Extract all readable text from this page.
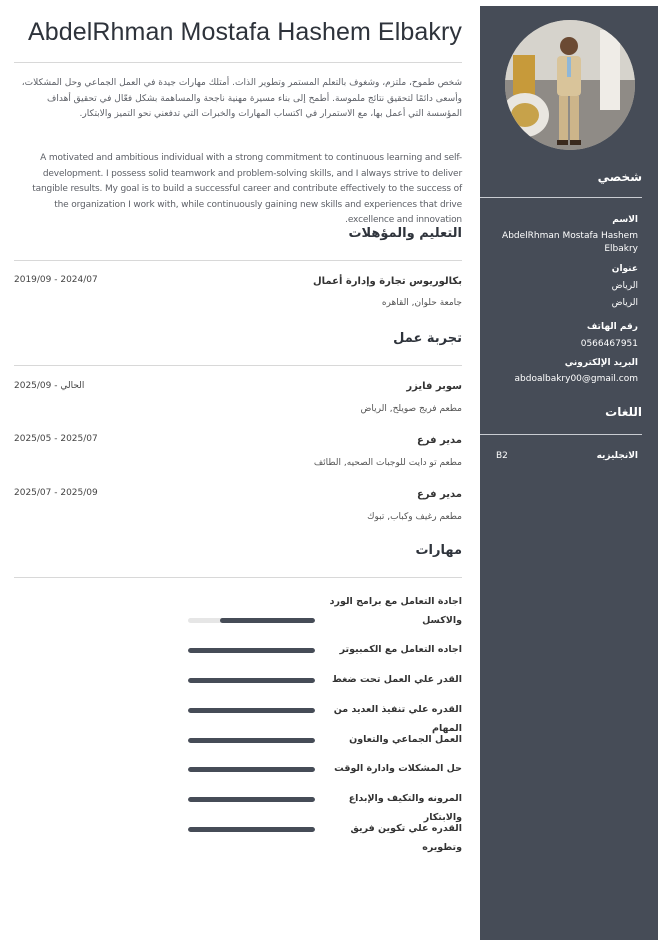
AbdelRhman Mostafa Hashem Elbakry

شخص طموح، ملتزم، وشغوف بالتعلم المستمر وتطوير الذات. أمتلك مهارات جيدة في العمل الجماعي وحل المشكلات، وأسعى دائمًا لتحقيق نتائج ملموسة. أطمح إلى بناء مسيرة مهنية ناجحة والمساهمة بشكل فعّال في تحقيق أهداف المؤسسة التي أعمل بها، مع الاستمرار في اكتساب المهارات والخبرات التي تدفعني نحو التميز والابتكار.

A motivated and ambitious individual with a strong commitment to continuous learning and self-development. I possess solid teamwork and problem-solving skills, and I always strive to deliver tangible results. My goal is to build a successful career and contribute effectively to the success of the organization I work with, while continuously gaining new skills and experiences that drive excellence and innovation.

التعليم والمؤهلات
بكالوريوس تجارة وإدارة أعمال
2019/09 - 2024/07
جامعة حلوان, القاهره
تجربة عمل
سوبر فايزر
2025/09 - الحالي
مطعم فريج صويلح, الرياض
مدير فرع
2025/05 - 2025/07
مطعم تو دايت للوجبات الصحيه, الطائف
مدير فرع
2025/07 - 2025/09
مطعم رغيف وكباب, تبوك
مهارات
اجادة التعامل مع برامج الورد والاكسل
اجاده التعامل مع الكمبيوتر
القدر علي العمل تحت ضغط
القدره علي تنفيذ العديد من المهام
العمل الجماعي والتعاون
حل المشكلات وادارة الوقت
المرونه والتكيف والإبداع والابتكار
القدره علي تكوين فريق وتطويره
شخصي
الاسم
AbdelRhman Mostafa Hashem Elbakry
عنوان
الرياض
الرياض
رقم الهاتف
0566467951
البريد الإلكتروني
abdoalbakry00@gmail.com
اللغات
الانجليزيه
B2
